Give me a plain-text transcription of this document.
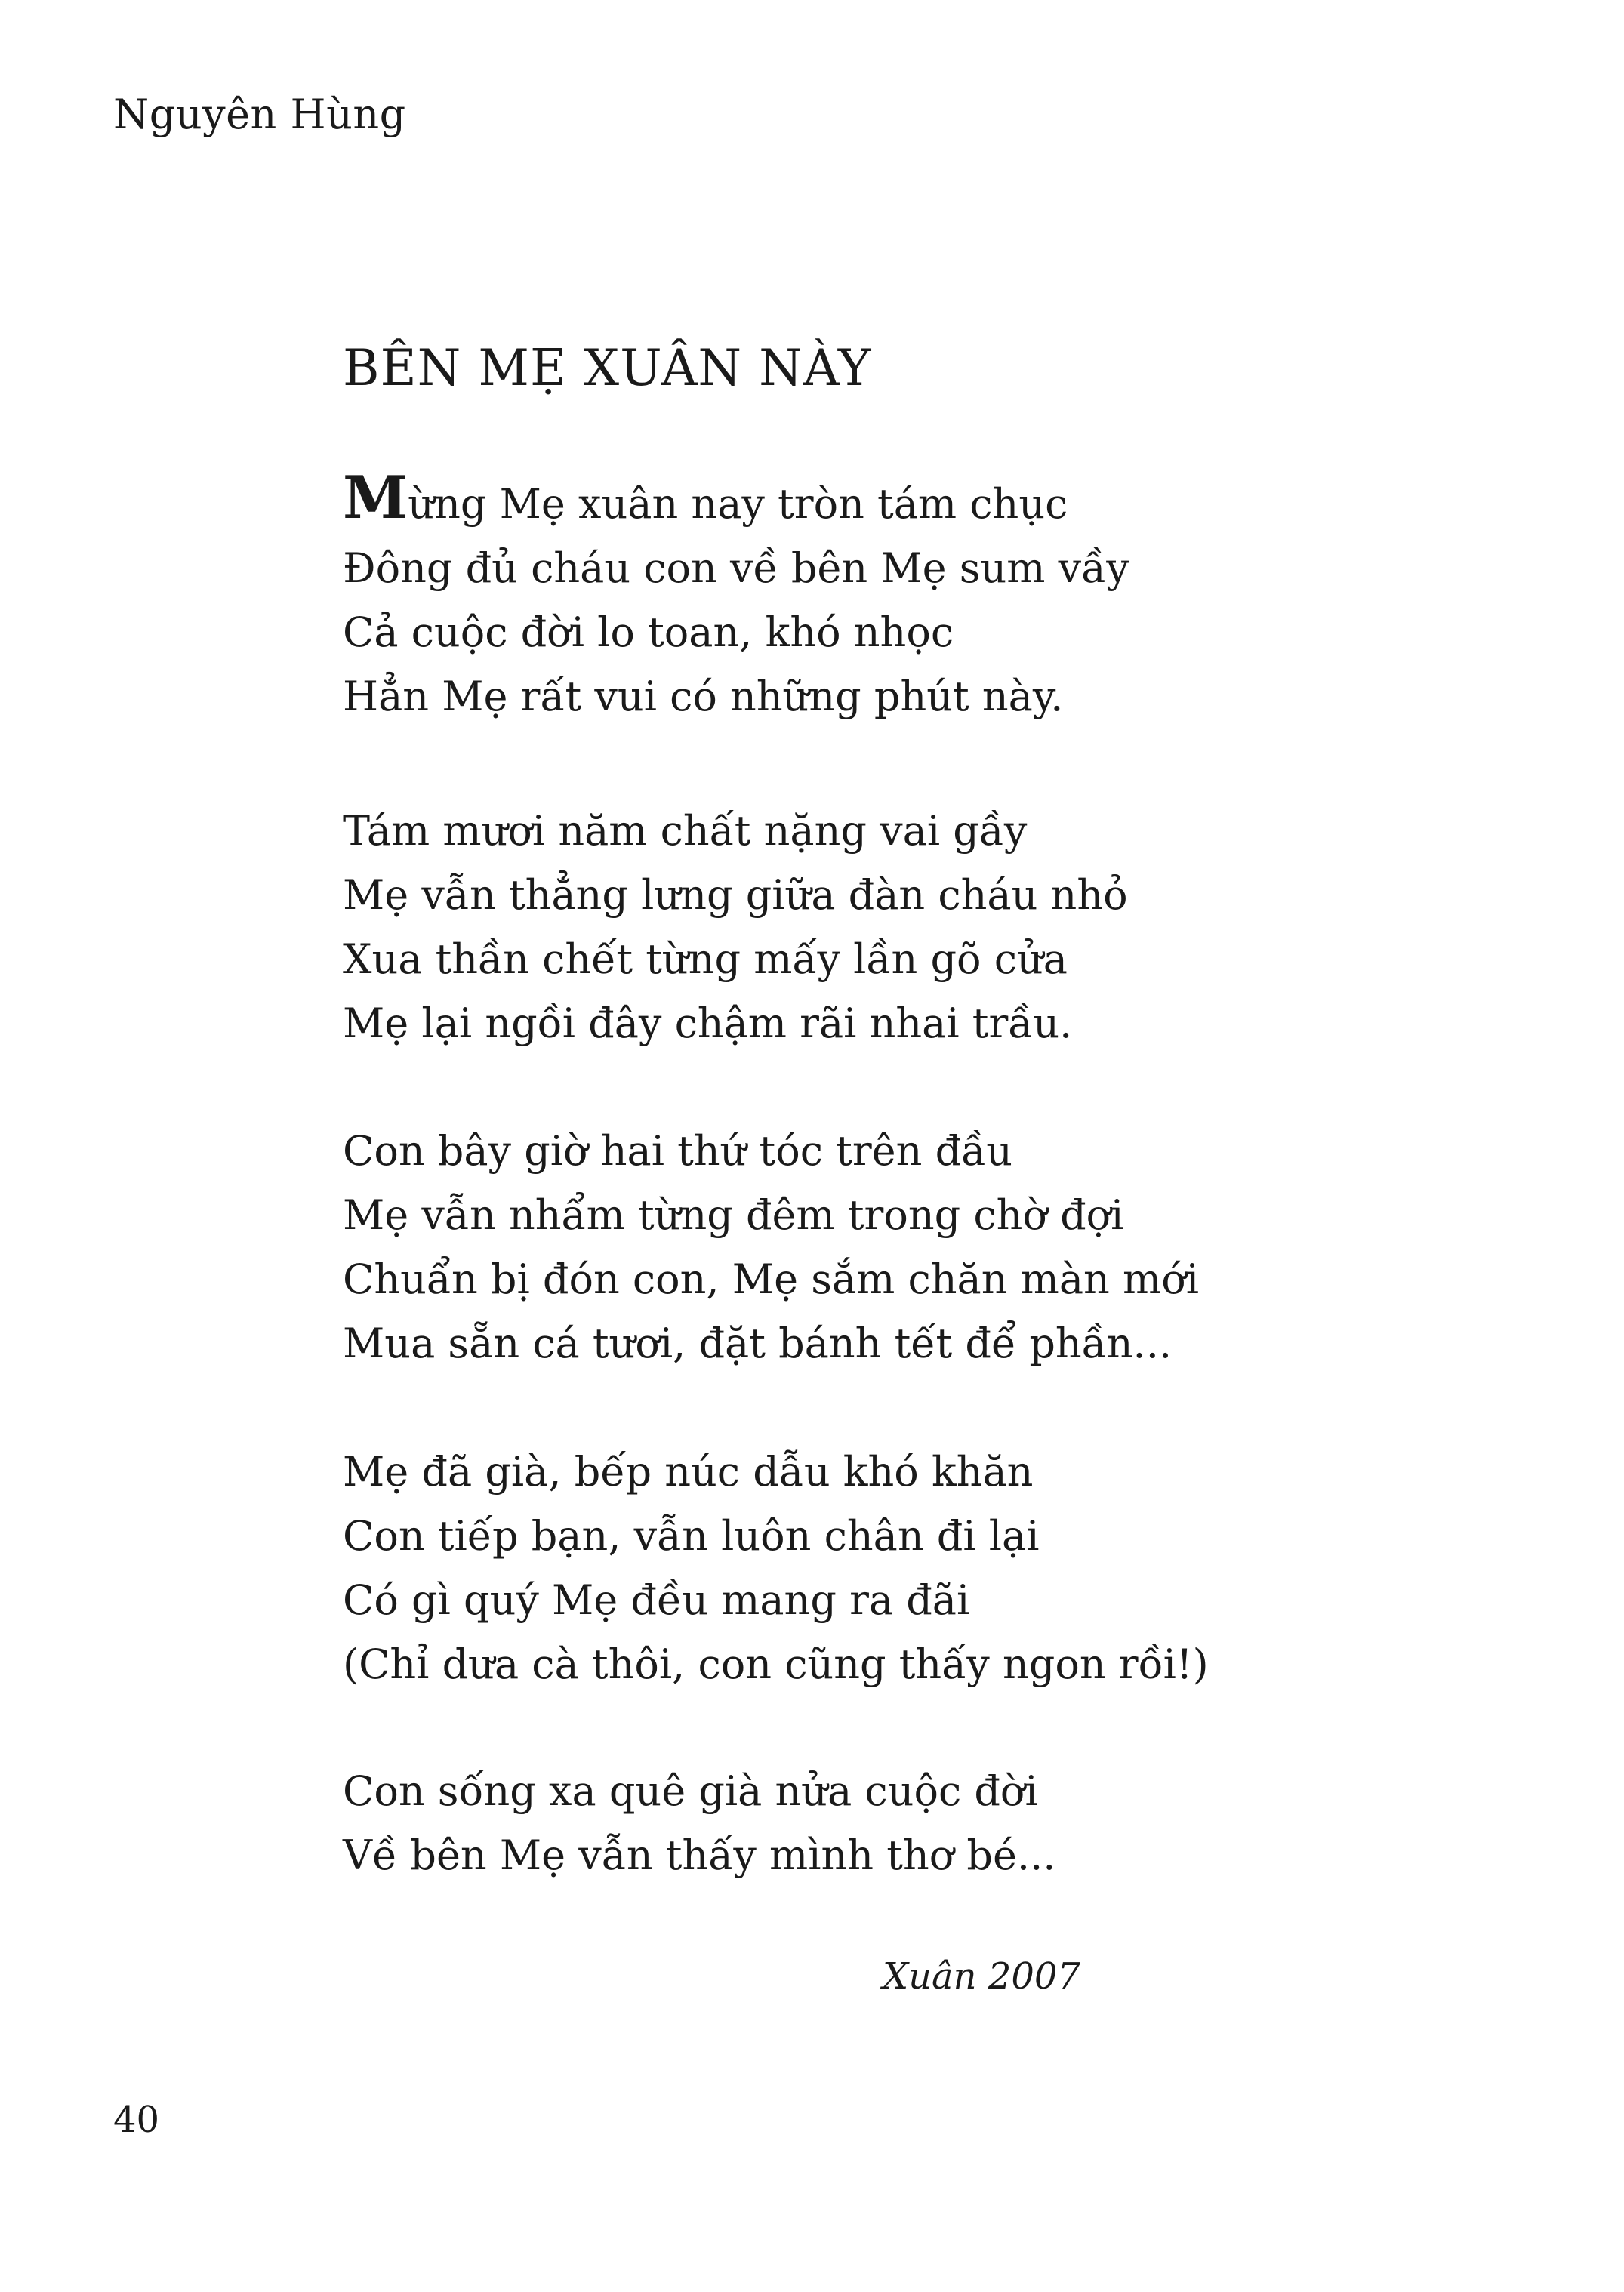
Nguyên Hùng
BÊN MẸ XUÂN NÀY
Mừng Mẹ xuân nay tròn tám chục
Đông đủ cháu con về bên Mẹ sum vầy
Cả cuộc đời lo toan, khó nhọc
Hẳn Mẹ rất vui có những phút này.
Tám mươi năm chất nặng vai gầy
Mẹ vẫn thẳng lưng giữa đàn cháu nhỏ
Xua thần chết từng mấy lần gõ cửa
Mẹ lại ngồi đây chậm rãi nhai trầu.
Con bây giờ hai thứ tóc trên đầu
Mẹ vẫn nhẩm từng đêm trong chờ đợi
Chuẩn bị đón con, Mẹ sắm chăn màn mới
Mua sẵn cá tươi, đặt bánh tết để phần...
Mẹ đã già, bếp núc dẫu khó khăn
Con tiếp bạn, vẫn luôn chân đi lại
Có gì quý Mẹ đều mang ra đãi
(Chỉ dưa cà thôi, con cũng thấy ngon rồi!)
Con sống xa quê già nửa cuộc đời
Về bên Mẹ vẫn thấy mình thơ bé...
Xuân 2007
40
